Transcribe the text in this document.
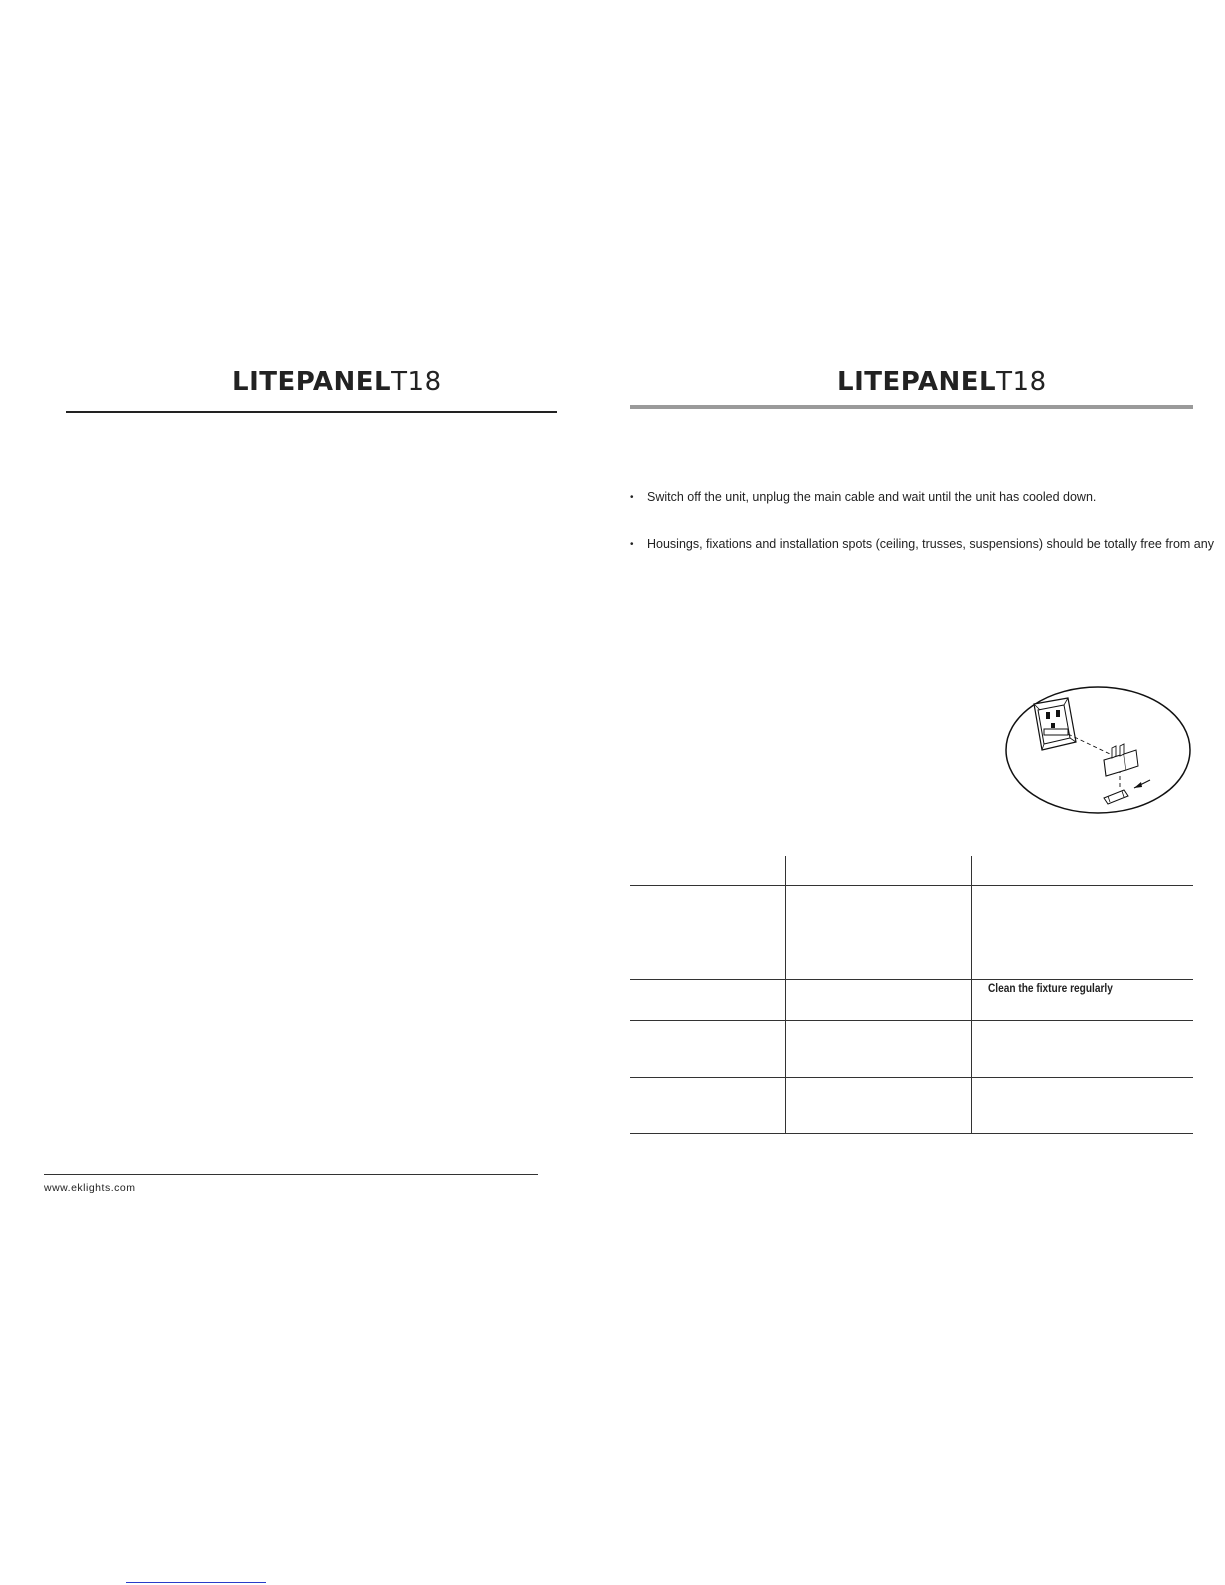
LITEPANELT18
www.eklights.com
LITEPANELT18
• Switch off the unit, unplug the main cable and wait until the unit has cooled down.
• Housings, fixations and installation spots (ceiling, trusses, suspensions) should be totally free from any
Clean the fixture regularly
